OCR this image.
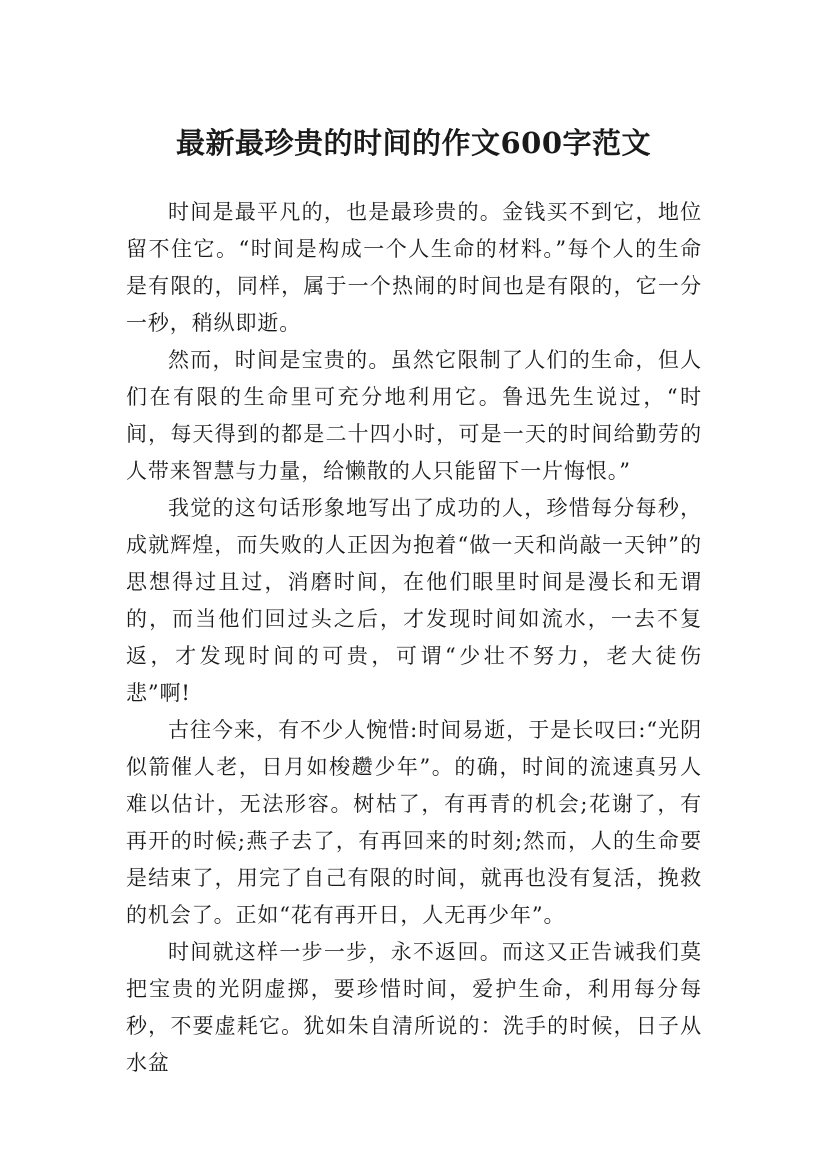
最新最珍贵的时间的作文600字范文

时间是最平凡的，也是最珍贵的。金钱买不到它，地位留不住它。“时间是构成一个人生命的材料。”每个人的生命是有限的，同样，属于一个热闹的时间也是有限的，它一分一秒，稍纵即逝。

然而，时间是宝贵的。虽然它限制了人们的生命，但人们在有限的生命里可充分地利用它。鲁迅先生说过，“时间，每天得到的都是二十四小时，可是一天的时间给勤劳的人带来智慧与力量，给懒散的人只能留下一片悔恨。”

我觉的这句话形象地写出了成功的人，珍惜每分每秒，成就辉煌，而失败的人正因为抱着“做一天和尚敲一天钟”的思想得过且过，消磨时间，在他们眼里时间是漫长和无谓的，而当他们回过头之后，才发现时间如流水，一去不复返，才发现时间的可贵，可谓“少壮不努力，老大徒伤悲”啊!

古往今来，有不少人惋惜:时间易逝，于是长叹曰:“光阴似箭催人老，日月如梭趱少年”。的确，时间的流速真另人难以估计，无法形容。树枯了，有再青的机会;花谢了，有再开的时候;燕子去了，有再回来的时刻;然而，人的生命要是结束了，用完了自己有限的时间，就再也没有复活，挽救的机会了。正如“花有再开日，人无再少年”。

时间就这样一步一步，永不返回。而这又正告诫我们莫把宝贵的光阴虚掷，要珍惜时间，爱护生命，利用每分每秒，不要虚耗它。犹如朱自清所说的：洗手的时候，日子从水盆
